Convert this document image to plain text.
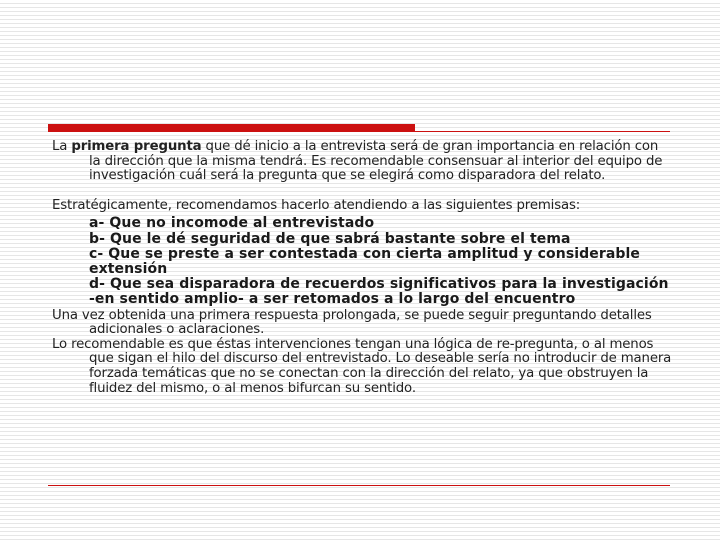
La primera pregunta que dé inicio a la entrevista será de gran importancia en relación con la dirección que la misma tendrá. Es recomendable consensuar al interior del equipo de investigación cuál será la pregunta que se elegirá como disparadora del relato.

Estratégicamente, recomendamos hacerlo atendiendo a las siguientes premisas:

a- Que no incomode al entrevistado

b- Que le dé seguridad de que sabrá bastante sobre el tema

c- Que se preste a ser contestada con cierta amplitud y considerable extensión

d- Que sea disparadora de recuerdos significativos para la investigación -en sentido amplio- a ser retomados a lo largo del encuentro

Una vez obtenida una primera respuesta prolongada, se puede seguir preguntando detalles adicionales o aclaraciones.

Lo recomendable es que éstas intervenciones tengan una lógica de re-pregunta, o al menos que sigan el hilo del discurso del entrevistado. Lo deseable sería no introducir de manera forzada temáticas que no se conectan con la dirección del relato, ya que obstruyen la fluidez del mismo, o al menos bifurcan su sentido.
